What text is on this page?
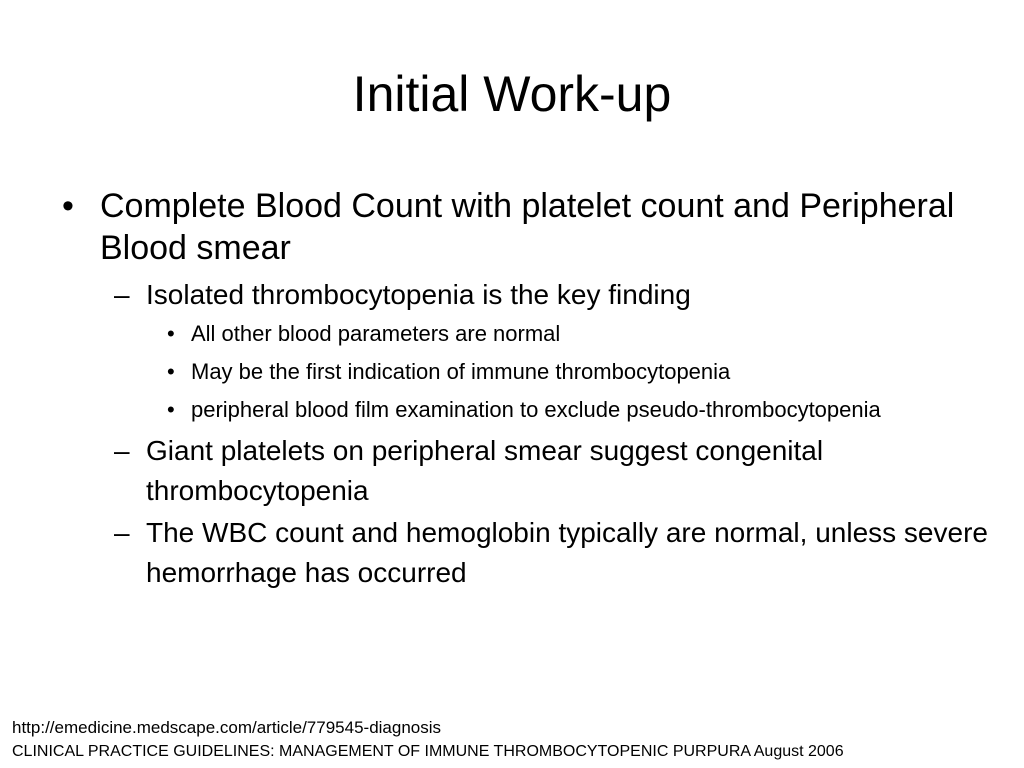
Initial Work-up
• Complete Blood Count with platelet count and Peripheral Blood smear
– Isolated thrombocytopenia is the key finding
• All other blood parameters are normal
• May be the first indication of immune thrombocytopenia
• peripheral blood film examination to exclude pseudo-thrombocytopenia
– Giant platelets on peripheral smear suggest congenital thrombocytopenia
– The WBC count and hemoglobin typically are normal, unless severe hemorrhage has occurred
http://emedicine.medscape.com/article/779545-diagnosis
CLINICAL PRACTICE GUIDELINES: MANAGEMENT OF IMMUNE THROMBOCYTOPENIC PURPURA August 2006
